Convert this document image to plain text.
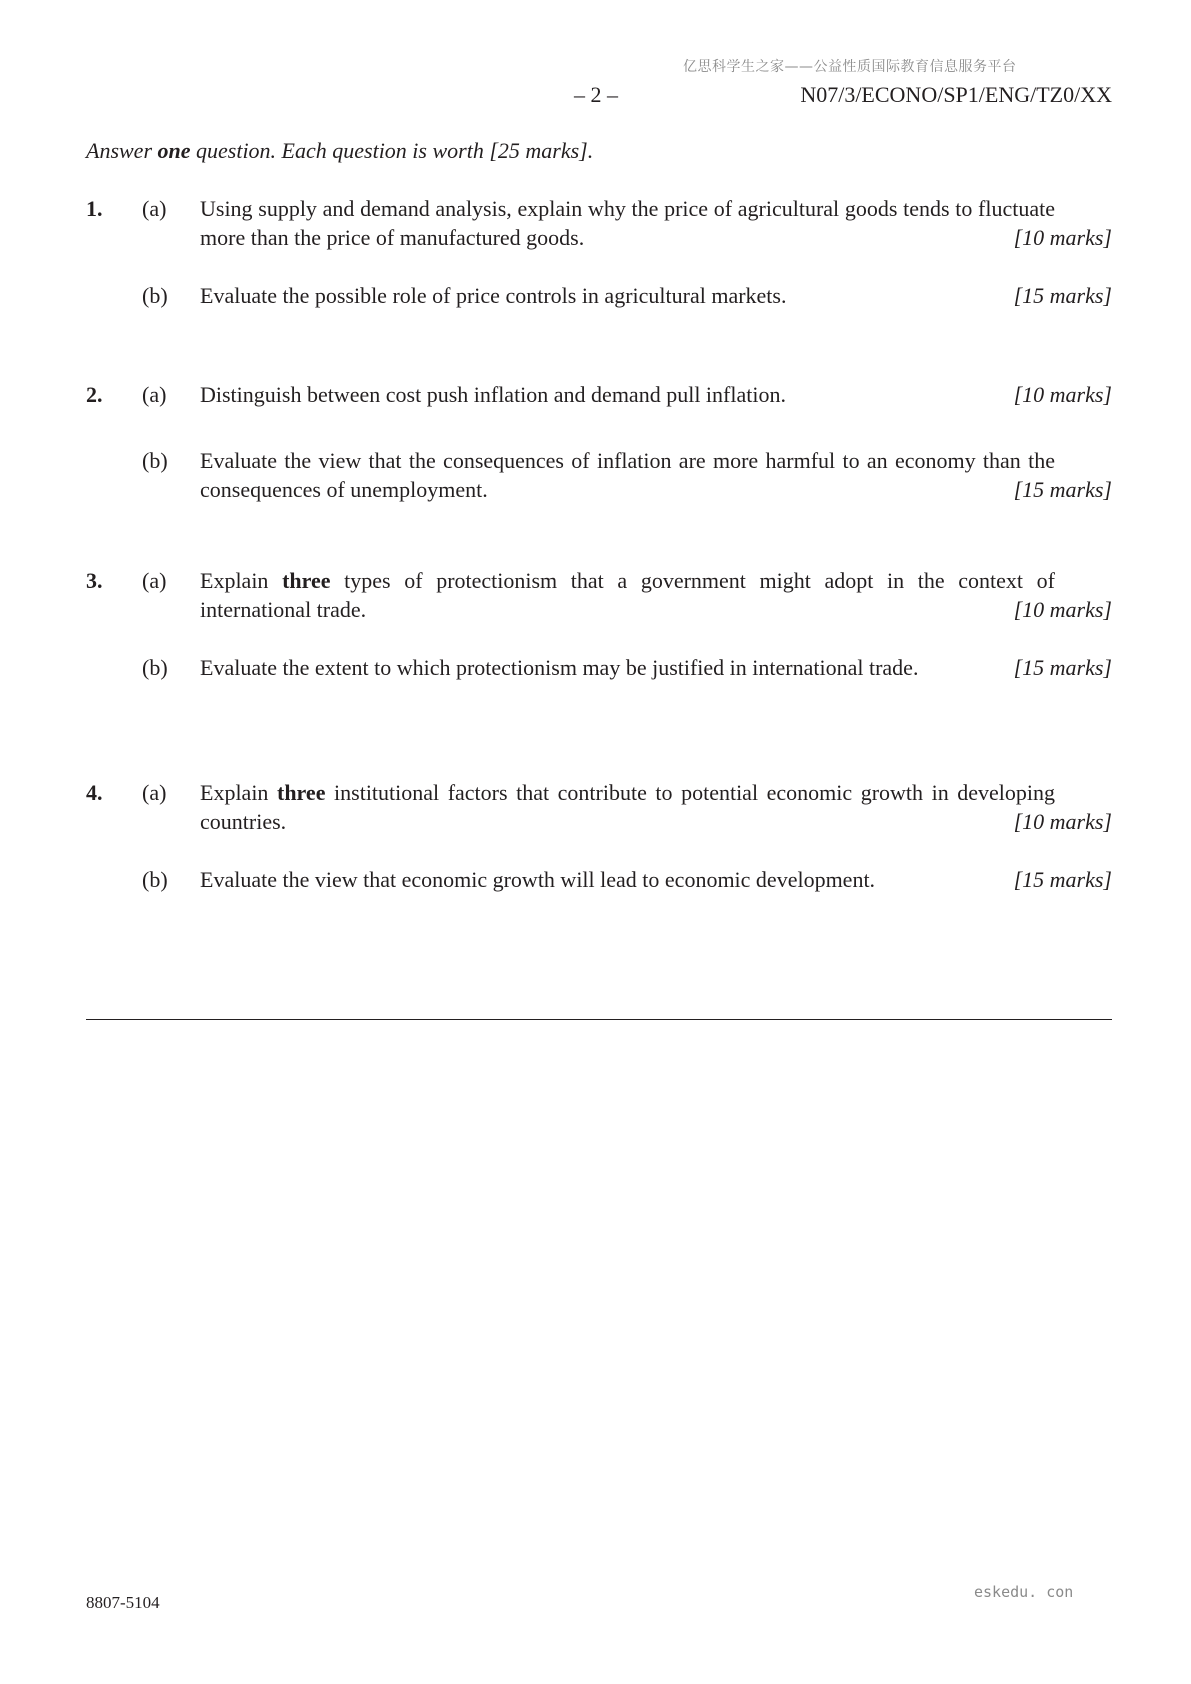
亿思科学生之家——公益性质国际教育信息服务平台
– 2 –	N07/3/ECONO/SP1/ENG/TZ0/XX
Answer one question. Each question is worth [25 marks].
1. (a) Using supply and demand analysis, explain why the price of agricultural goods tends to fluctuate more than the price of manufactured goods.	[10 marks]
(b) Evaluate the possible role of price controls in agricultural markets.	[15 marks]
2. (a) Distinguish between cost push inflation and demand pull inflation.	[10 marks]
(b) Evaluate the view that the consequences of inflation are more harmful to an economy than the consequences of unemployment.	[15 marks]
3. (a) Explain three types of protectionism that a government might adopt in the context of international trade.	[10 marks]
(b) Evaluate the extent to which protectionism may be justified in international trade.	[15 marks]
4. (a) Explain three institutional factors that contribute to potential economic growth in developing countries.	[10 marks]
(b) Evaluate the view that economic growth will lead to economic development.	[15 marks]
8807-5104
eskedu. con
